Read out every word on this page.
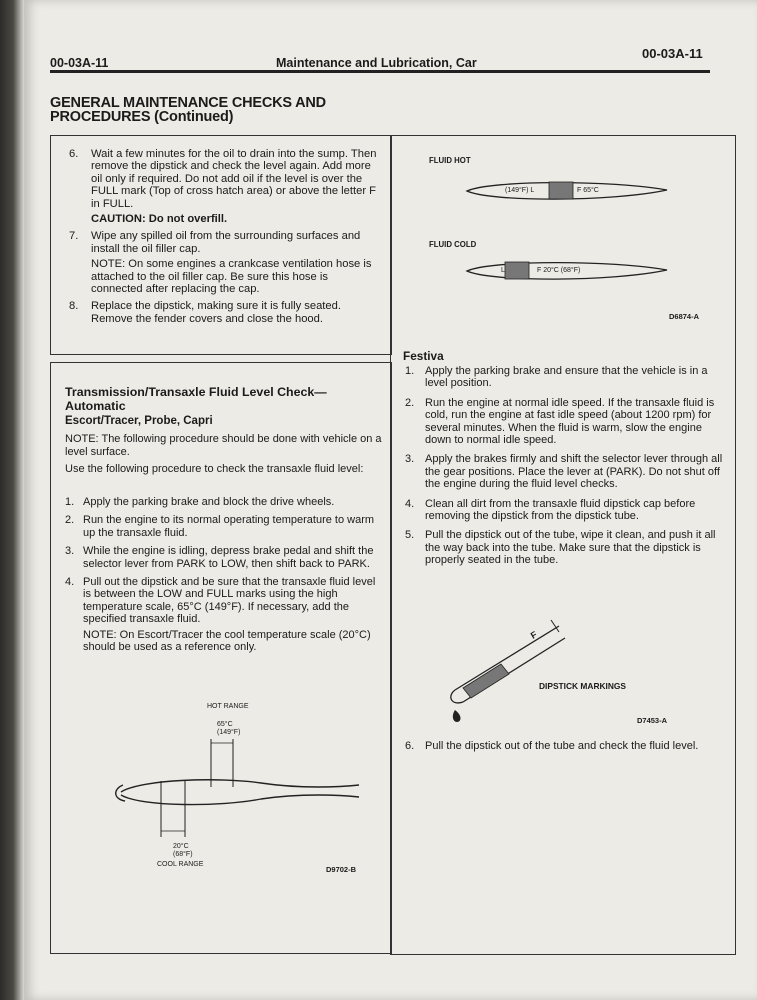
00-03A-11	Maintenance and Lubrication, Car
00-03A-11
GENERAL MAINTENANCE CHECKS AND PROCEDURES (Continued)
6. Wait a few minutes for the oil to drain into the sump. Then remove the dipstick and check the level again. Add more oil only if required. Do not add oil if the level is over the FULL mark (Top of cross hatch area) or above the letter F in FULL.
CAUTION: Do not overfill.
7. Wipe any spilled oil from the surrounding surfaces and install the oil filler cap.
NOTE: On some engines a crankcase ventilation hose is attached to the oil filler cap. Be sure this hose is connected after replacing the cap.
8. Replace the dipstick, making sure it is fully seated. Remove the fender covers and close the hood.
Transmission/Transaxle Fluid Level Check—Automatic
Escort/Tracer, Probe, Capri
NOTE: The following procedure should be done with vehicle on a level surface.
Use the following procedure to check the transaxle fluid level:
1. Apply the parking brake and block the drive wheels.
2. Run the engine to its normal operating temperature to warm up the transaxle fluid.
3. While the engine is idling, depress brake pedal and shift the selector lever from PARK to LOW, then shift back to PARK.
4. Pull out the dipstick and be sure that the transaxle fluid level is between the LOW and FULL marks using the high temperature scale, 65°C (149°F). If necessary, add the specified transaxle fluid.
NOTE: On Escort/Tracer the cool temperature scale (20°C) should be used as a reference only.
HOT RANGE
65°C
(149°F)
20°C
(68°F)
COOL RANGE
D9702-B
FLUID HOT
(149°F) L	F 65°C
FLUID COLD
L	F 20°C (68°F)
D6874-A
Festiva
1. Apply the parking brake and ensure that the vehicle is in a level position.
2. Run the engine at normal idle speed. If the transaxle fluid is cold, run the engine at fast idle speed (about 1200 rpm) for several minutes. When the fluid is warm, slow the engine down to normal idle speed.
3. Apply the brakes firmly and shift the selector lever through all the gear positions. Place the lever at (PARK). Do not shut off the engine during the fluid level checks.
4. Clean all dirt from the transaxle fluid dipstick cap before removing the dipstick from the dipstick tube.
5. Pull the dipstick out of the tube, wipe it clean, and push it all the way back into the tube. Make sure that the dipstick is properly seated in the tube.
F
DIPSTICK MARKINGS
D7453-A
6. Pull the dipstick out of the tube and check the fluid level.
